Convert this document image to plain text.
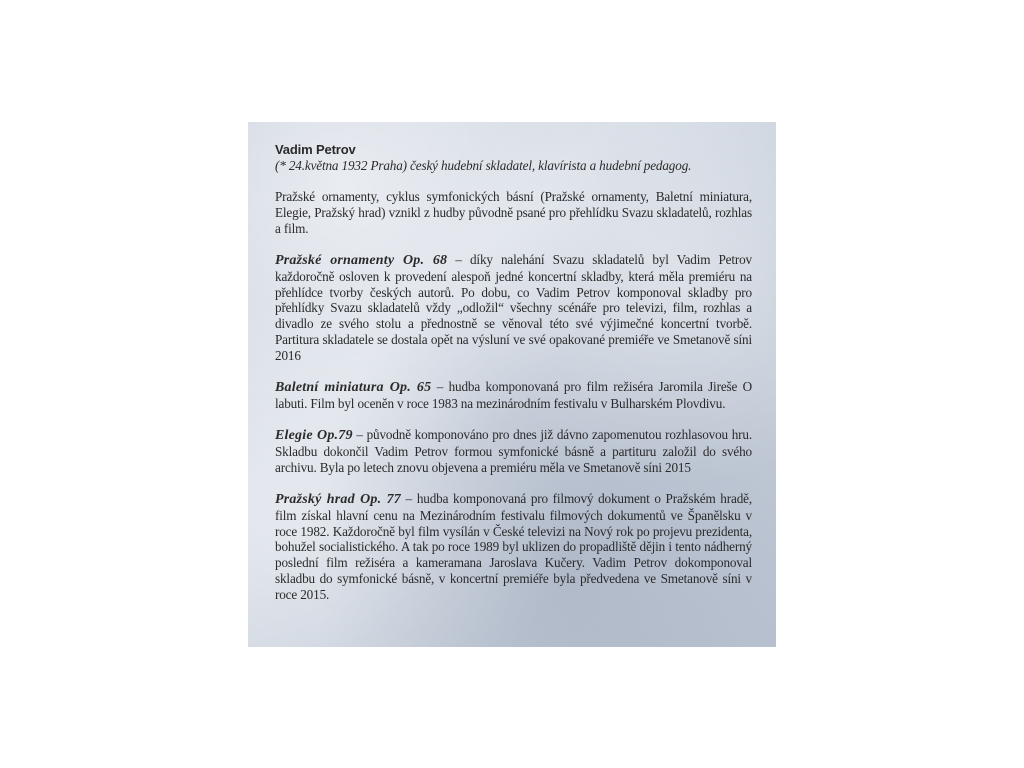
Vadim Petrov
(* 24.května 1932 Praha) český hudební skladatel, klavírista a hudební pedagog.

Pražské ornamenty, cyklus symfonických básní (Pražské ornamenty, Baletní miniatura, Elegie, Pražský hrad) vznikl z hudby původně psané pro přehlídku Svazu skladatelů, rozhlas a film.

Pražské ornamenty Op. 68 – díky nalehání Svazu skladatelů byl Vadim Petrov každoročně osloven k provedení alespoň jedné koncertní skladby, která měla premiéru na přehlídce tvorby českých autorů. Po dobu, co Vadim Petrov komponoval skladby pro přehlídky Svazu skladatelů vždy „odložil“ všechny scénáře pro televizi, film, rozhlas a divadlo ze svého stolu a přednostně se věnoval této své výjimečné koncertní tvorbě. Partitura skladatele se dostala opět na výsluní ve své opakované premiéře ve Smetanově síni 2016

Baletní miniatura Op. 65 – hudba komponovaná pro film režiséra Jaromila Jireše O labuti. Film byl oceněn v roce 1983 na mezinárodním festivalu v Bulharském Plovdivu.

Elegie Op.79 – původně komponováno pro dnes již dávno zapomenutou rozhlasovou hru. Skladbu dokončil Vadim Petrov formou symfonické básně a partituru založil do svého archivu. Byla po letech znovu objevena a premiéru měla ve Smetanově síni 2015

Pražský hrad Op. 77 – hudba komponovaná pro filmový dokument o Pražském hradě, film získal hlavní cenu na Mezinárodním festivalu filmových dokumentů ve Španělsku v roce 1982. Každoročně byl film vysílán v České televizi na Nový rok po projevu prezidenta, bohužel socialistického. A tak po roce 1989 byl uklizen do propadliště dějin i tento nádherný poslední film režiséra a kameramana Jaroslava Kučery. Vadim Petrov dokomponoval skladbu do symfonické básně, v koncertní premiéře byla předvedena ve Smetanově síni v roce 2015.
